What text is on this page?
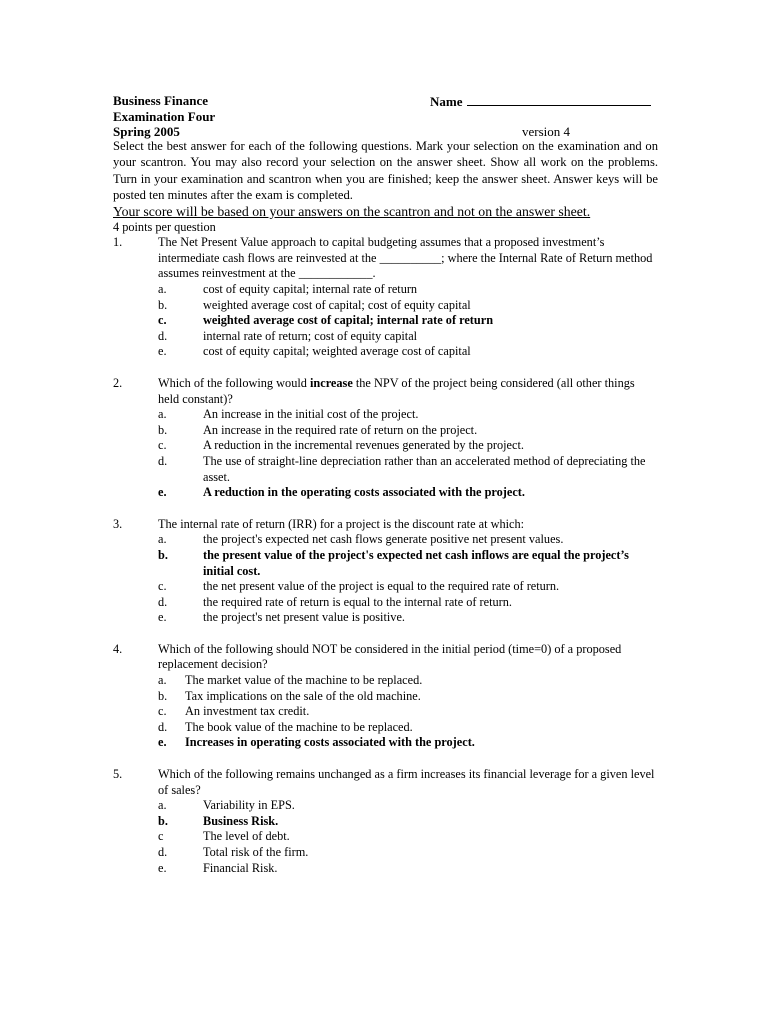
Business Finance
Examination Four
Spring 2005
Name
version 4
Select the best answer for each of the following questions. Mark your selection on the examination and on your scantron. You may also record your selection on the answer sheet. Show all work on the problems. Turn in your examination and scantron when you are finished; keep the answer sheet. Answer keys will be posted ten minutes after the exam is completed.
Your score will be based on your answers on the scantron and not on the answer sheet.
4 points per question
1.	The Net Present Value approach to capital budgeting assumes that a proposed investment’s intermediate cash flows are reinvested at the __________; where the Internal Rate of Return method assumes reinvestment at the ____________.
a.	cost of equity capital; internal rate of return
b.	weighted average cost of capital; cost of equity capital
c.	weighted average cost of capital; internal rate of return
d.	internal rate of return; cost of equity capital
e.	cost of equity capital; weighted average cost of capital
2.	Which of the following would increase the NPV of the project being considered (all other things held constant)?
a.	An increase in the initial cost of the project.
b.	An increase in the required rate of return on the project.
c.	A reduction in the incremental revenues generated by the project.
d.	The use of straight-line depreciation rather than an accelerated method of depreciating the asset.
e.	A reduction in the operating costs associated with the project.
3.	The internal rate of return (IRR) for a project is the discount rate at which:
a.	the project's expected net cash flows generate positive net present values.
b.	the present value of the project's expected net cash inflows are equal the project’s initial cost.
c.	the net present value of the project is equal to the required rate of return.
d.	the required rate of return is equal to the internal rate of return.
e.	the project's net present value is positive.
4.	Which of the following should NOT be considered in the initial period (time=0) of a proposed replacement decision?
a.	The market value of the machine to be replaced.
b.	Tax implications on the sale of the old machine.
c.	An investment tax credit.
d.	The book value of the machine to be replaced.
e.	Increases in operating costs associated with the project.
5.	Which of the following remains unchanged as a firm increases its financial leverage for a given level of sales?
a.	Variability in EPS.
b.	Business Risk.
c	The level of debt.
d.	Total risk of the firm.
e.	Financial Risk.
